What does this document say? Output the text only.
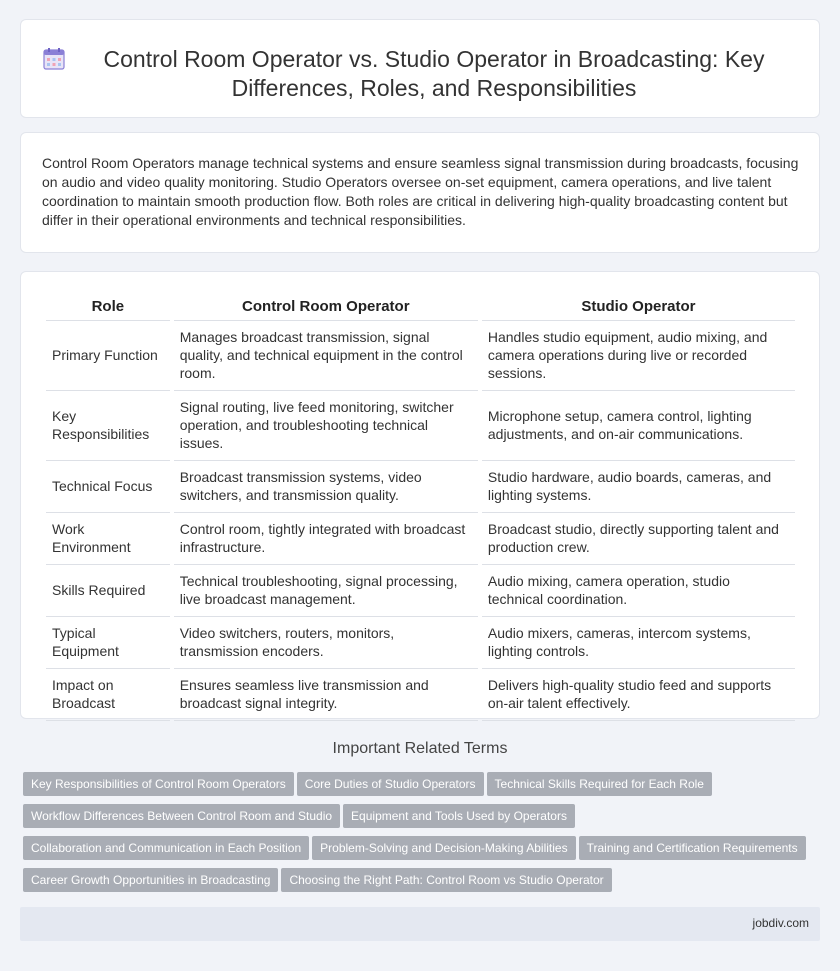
Control Room Operator vs. Studio Operator in Broadcasting: Key Differences, Roles, and Responsibilities

Control Room Operators manage technical systems and ensure seamless signal transmission during broadcasts, focusing on audio and video quality monitoring. Studio Operators oversee on-set equipment, camera operations, and live talent coordination to maintain smooth production flow. Both roles are critical in delivering high-quality broadcasting content but differ in their operational environments and technical responsibilities.

Role	Control Room Operator	Studio Operator
Primary Function	Manages broadcast transmission, signal quality, and technical equipment in the control room.	Handles studio equipment, audio mixing, and camera operations during live or recorded sessions.
Key Responsibilities	Signal routing, live feed monitoring, switcher operation, and troubleshooting technical issues.	Microphone setup, camera control, lighting adjustments, and on-air communications.
Technical Focus	Broadcast transmission systems, video switchers, and transmission quality.	Studio hardware, audio boards, cameras, and lighting systems.
Work Environment	Control room, tightly integrated with broadcast infrastructure.	Broadcast studio, directly supporting talent and production crew.
Skills Required	Technical troubleshooting, signal processing, live broadcast management.	Audio mixing, camera operation, studio technical coordination.
Typical Equipment	Video switchers, routers, monitors, transmission encoders.	Audio mixers, cameras, intercom systems, lighting controls.
Impact on Broadcast	Ensures seamless live transmission and broadcast signal integrity.	Delivers high-quality studio feed and supports on-air talent effectively.
Important Related Terms
Key Responsibilities of Control Room Operators Core Duties of Studio Operators Technical Skills Required for Each Role
Workflow Differences Between Control Room and Studio Equipment and Tools Used by Operators
Collaboration and Communication in Each Position Problem-Solving and Decision-Making Abilities Training and Certification Requirements
Career Growth Opportunities in Broadcasting Choosing the Right Path: Control Room vs Studio Operator
jobdiv.com
